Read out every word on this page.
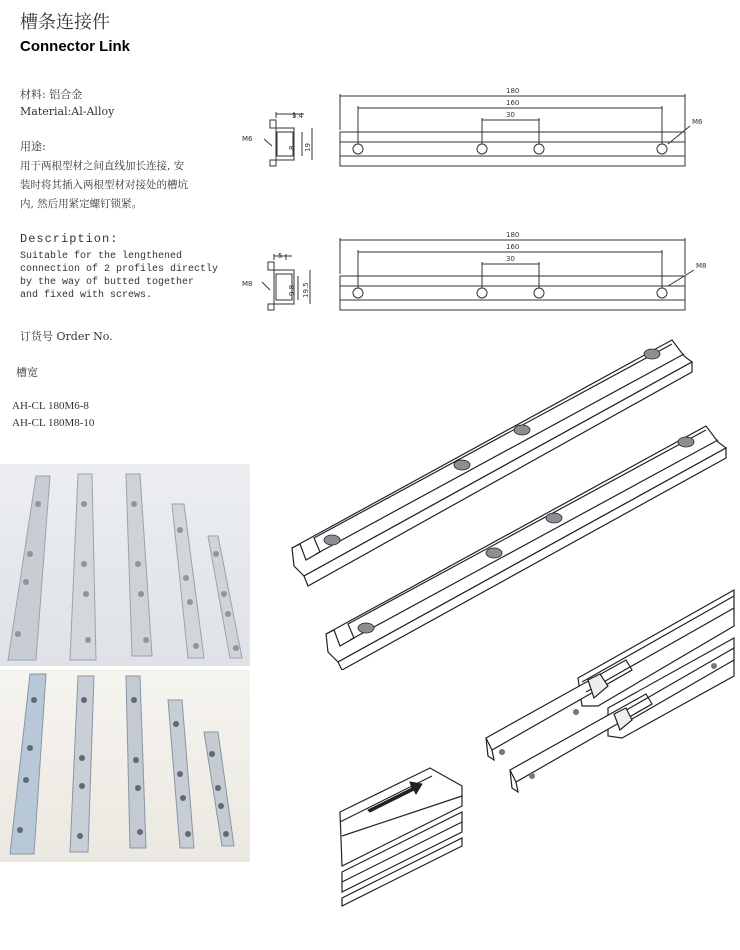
槽条连接件
Connector Link
材料: 铝合金
Material:Al-Alloy
用途:
用于两根型材之间直线加长连接, 安
装时将其插入两根型材对接处的槽坑
内, 然后用紧定螺钉锁紧。
Description:
Suitable for the lengthened
connection of 2 profiles directly
by the way of butted together
and fixed with screws.
订货号 Order No.
槽宽
AH-CL 180M6-8
AH-CL 180M8-10
M6
3.4
8 19
180
160
30
M6
M8
5
9.8 19.5
180
160
30
M8
